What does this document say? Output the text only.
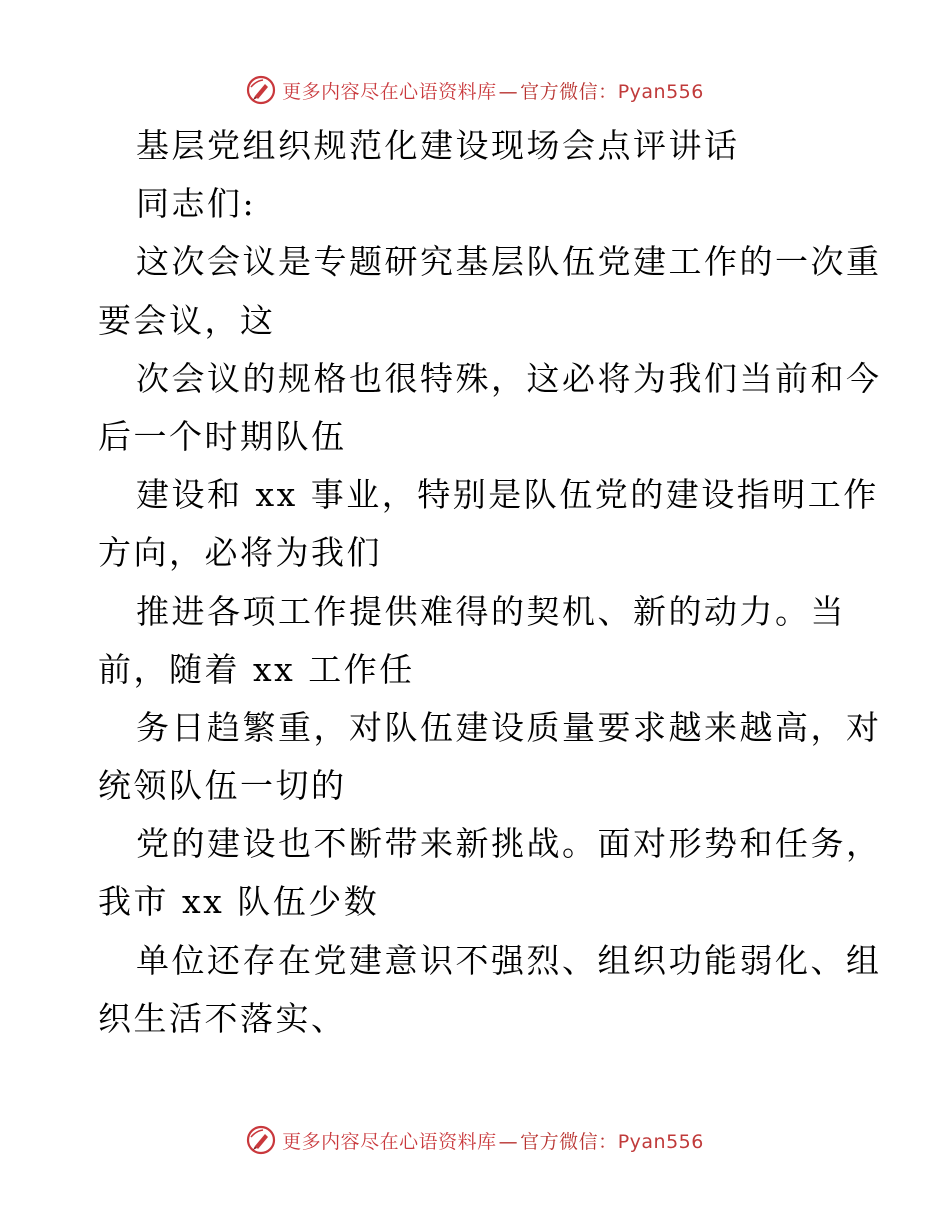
更多内容尽在心语资料库 — 官方微信：Pyan556
基层党组织规范化建设现场会点评讲话
同志们:
这次会议是专题研究基层队伍党建工作的一次重
要会议，这
次会议的规格也很特殊，这必将为我们当前和今
后一个时期队伍
建设和 xx 事业，特别是队伍党的建设指明工作
方向，必将为我们
推进各项工作提供难得的契机、新的动力。当
前，随着 xx 工作任
务日趋繁重，对队伍建设质量要求越来越高，对
统领队伍一切的
党的建设也不断带来新挑战。面对形势和任务，
我市 xx 队伍少数
单位还存在党建意识不强烈、组织功能弱化、组
织生活不落实、
更多内容尽在心语资料库 — 官方微信：Pyan556
